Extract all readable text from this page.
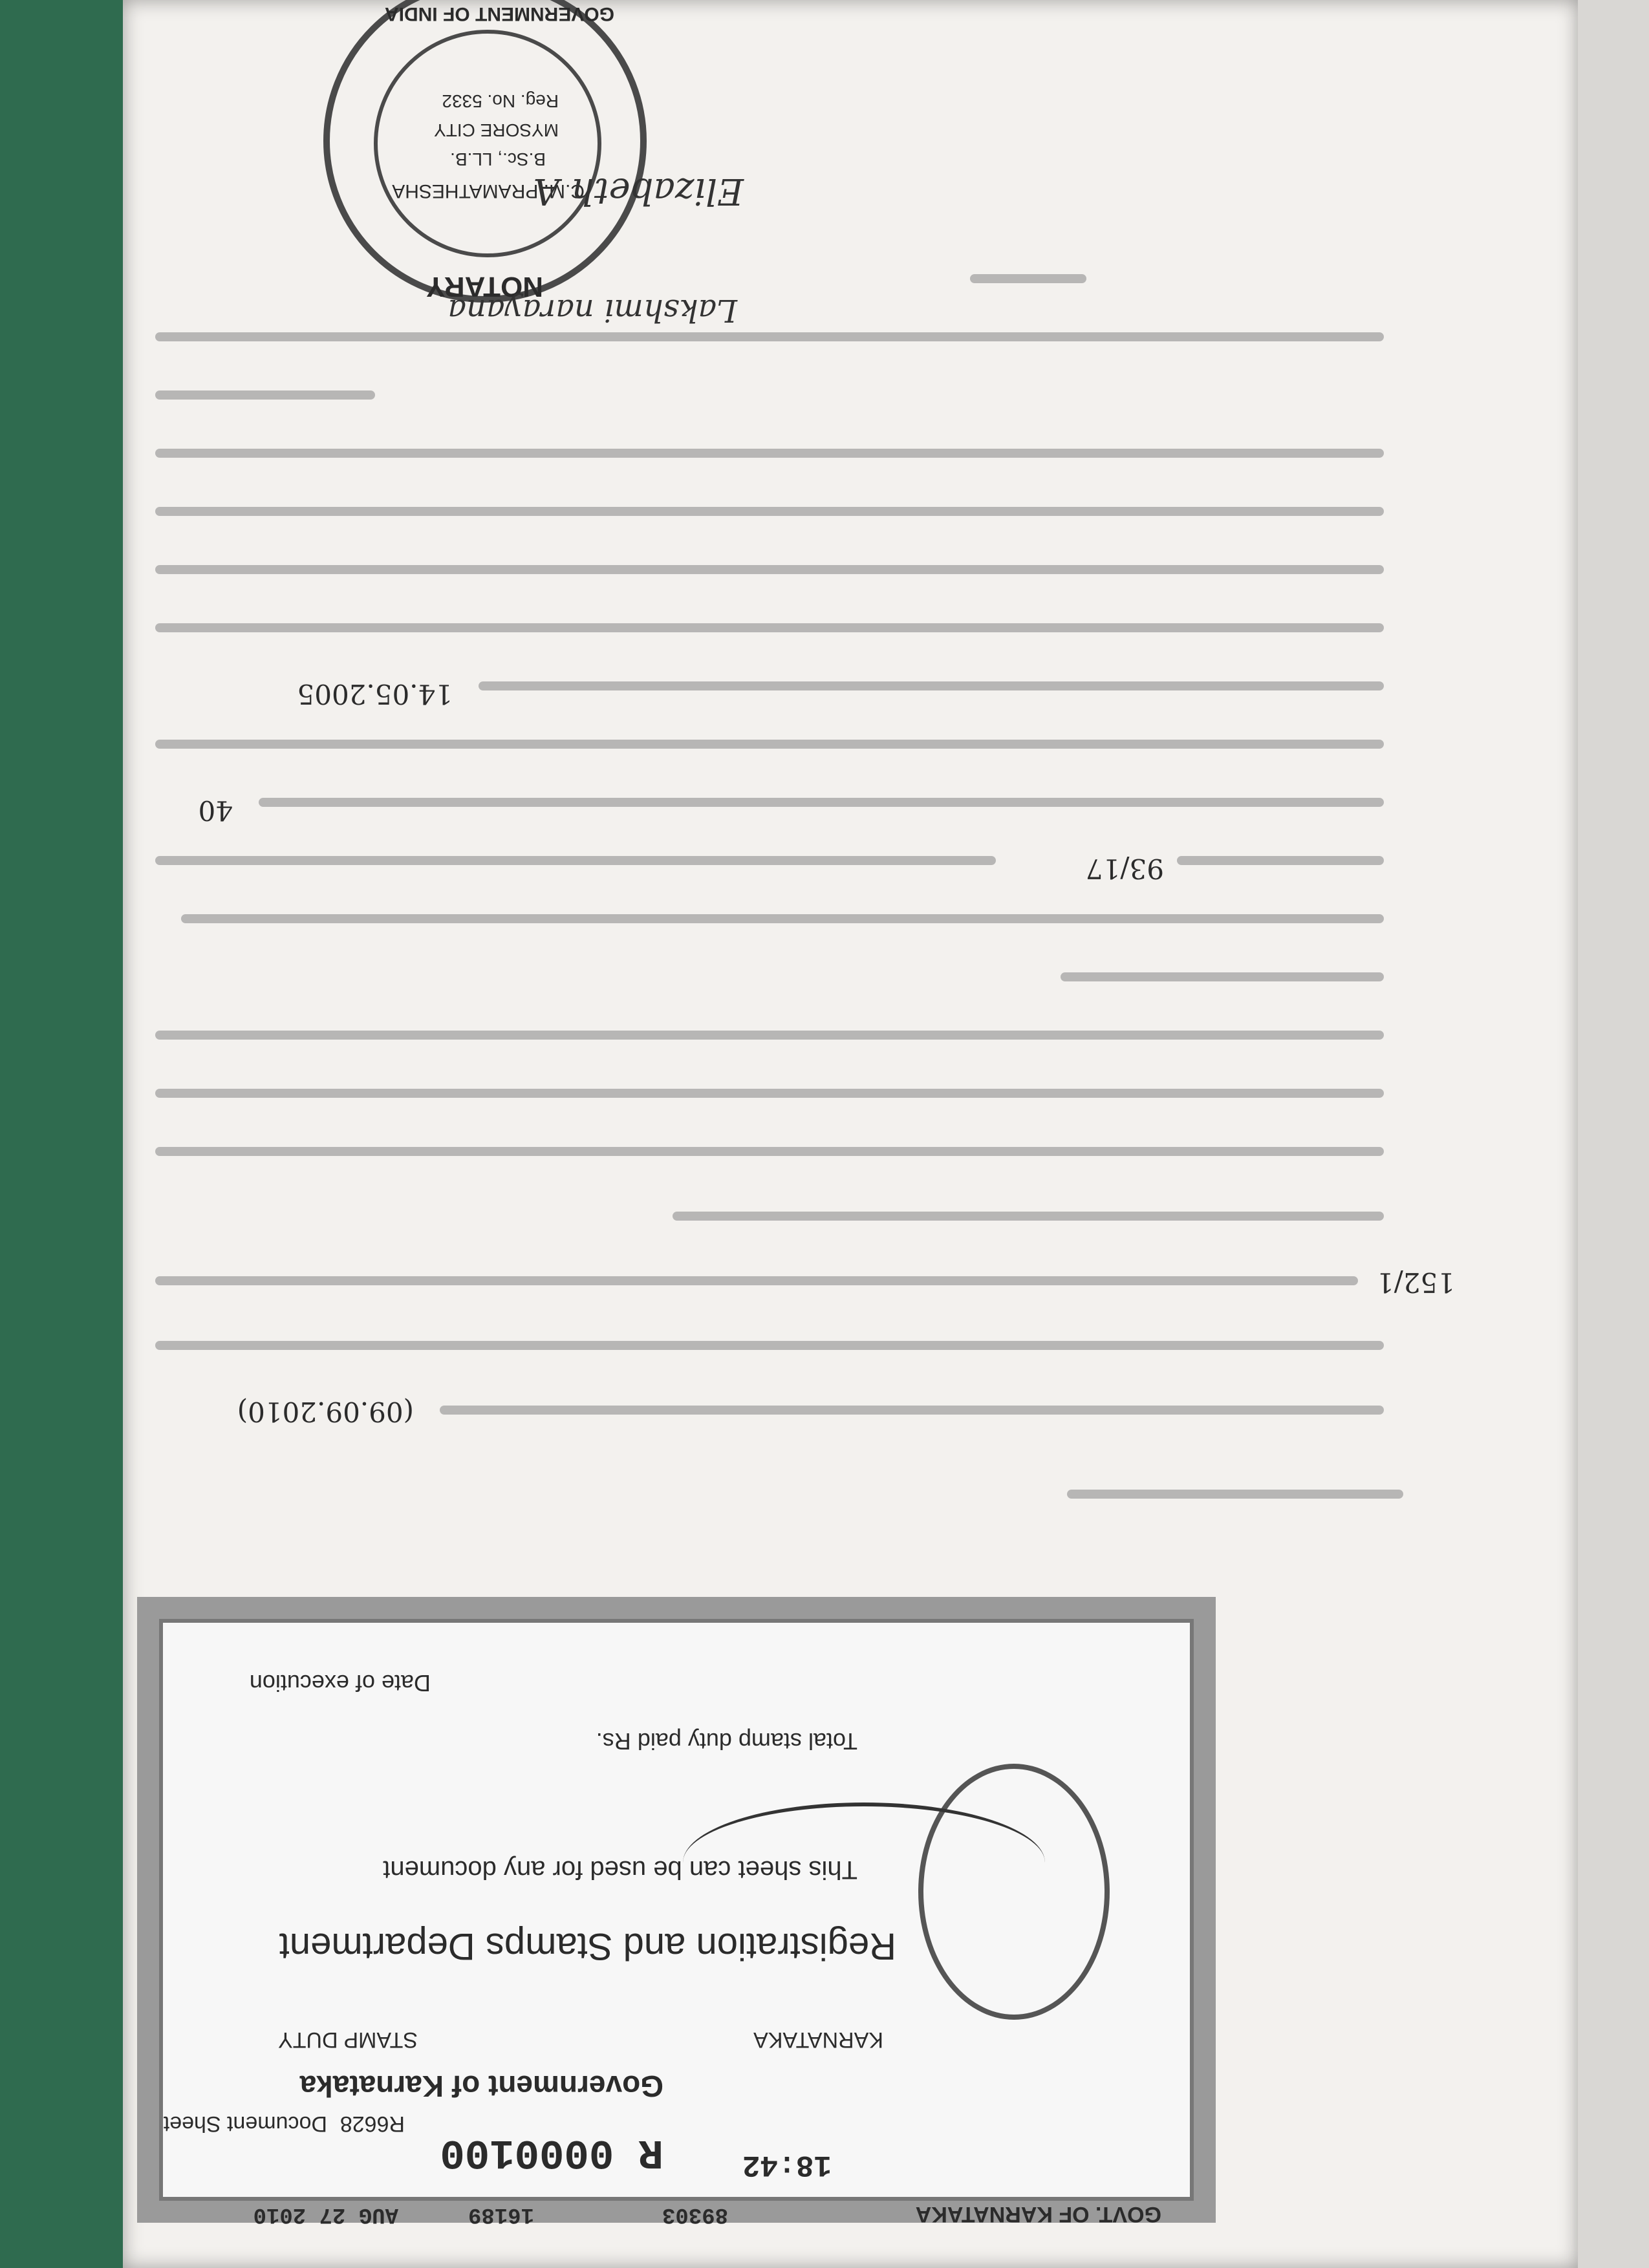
GOVT. OF KARNATAKA
89303
16189
AUG 27 2010
18:42
R 0000100
R6628
Document Sheet
Government of Karnataka
KARNATAKA
STAMP DUTY
Registration and Stamps Department
This sheet can be used for any document
Total stamp duty paid Rs.
Date of execution
(09.09.2010)
152/1
93/17
40
14.05.2005
NOTARY
GOVERNMENT OF INDIA
C.M. PRAMATHESHA
B.Sc., LL.B.
MYSORE CITY
Reg. No. 5332
Elizabeth A
Lakshmi narayana
